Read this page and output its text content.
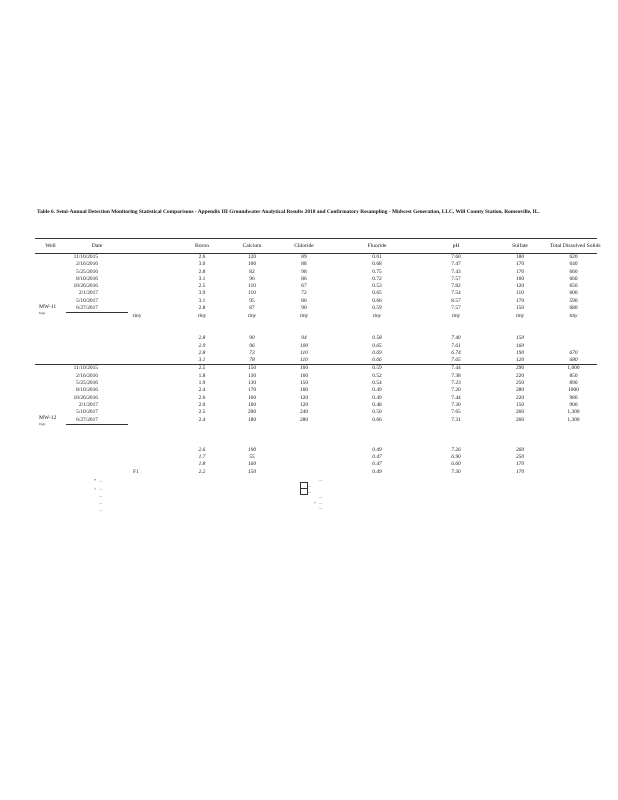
Table 6. Semi-Annual Detection Monitoring Statistical Comparisons - Appendix III Groundwater Analytical Results 2018 and Confirmatory Resampling - Midwest Generation, LLC, Will County Station, Romeoville, IL.
Well	Date		Boron	Calcium	Chloride	Fluoride	pH	Sulfate	Total Dissolved Solids
MW-11
Upgr.	11/10/2015		2.6	120	89	0.61	7.60	180	620
	2/16/2016		3.0	100	88	0.68	7.47	170	640
	5/25/2016		2.8	82	98	0.75	7.43	170	660
	8/10/2016		3.1	96	86	0.72	7.57	160	660
	10/26/2016		2.5	110	67	0.53	7.82	120	650
	2/1/2017		3.9	110	72	0.65	7.54	110	600
	5/10/2017		3.1	95	86	0.66	8.57	170	590
	6/27/2017		2.8	87	90	0.59	7.57	150	680
		tiny	tiny	tiny	tiny	tiny	tiny	tiny	tiny

			2.8	90	94	0.58	7.40	150	
			2.9	96	100	0.65	7.61	160	
			2.8	73	110	0.69	6.74	190	670
			3.1	78	110	0.66	7.65	120	680
MW-12
Upgr.	11/10/2015		2.5	150	160	0.59	7.44	290	1,000
	2/16/2016		1.8	130	160	0.52	7.38	220	850
	5/25/2016		1.9	130	150	0.54	7.23	250	890
	8/10/2016		2.4	170	160	0.49	7.20	280	1000
	10/26/2016		2.6	160	120	0.49	7.44	220	980
	2/1/2017		2.0	160	120	0.48	7.30	150	900
	5/10/2017		2.5	200	240	0.50	7.65	260	1,300
	6/27/2017		2.4	180	280	0.66	7.31	260	1,300

			2.6	190		0.49	7.26	260	
			1.7	55		0.47	6.90	250	
			1.8	160		0.47	6.60	170	
		F1	2.2	150		0.49	7.30	170	
* —
> —
—
—
—
—
—
—
—
> —
—
